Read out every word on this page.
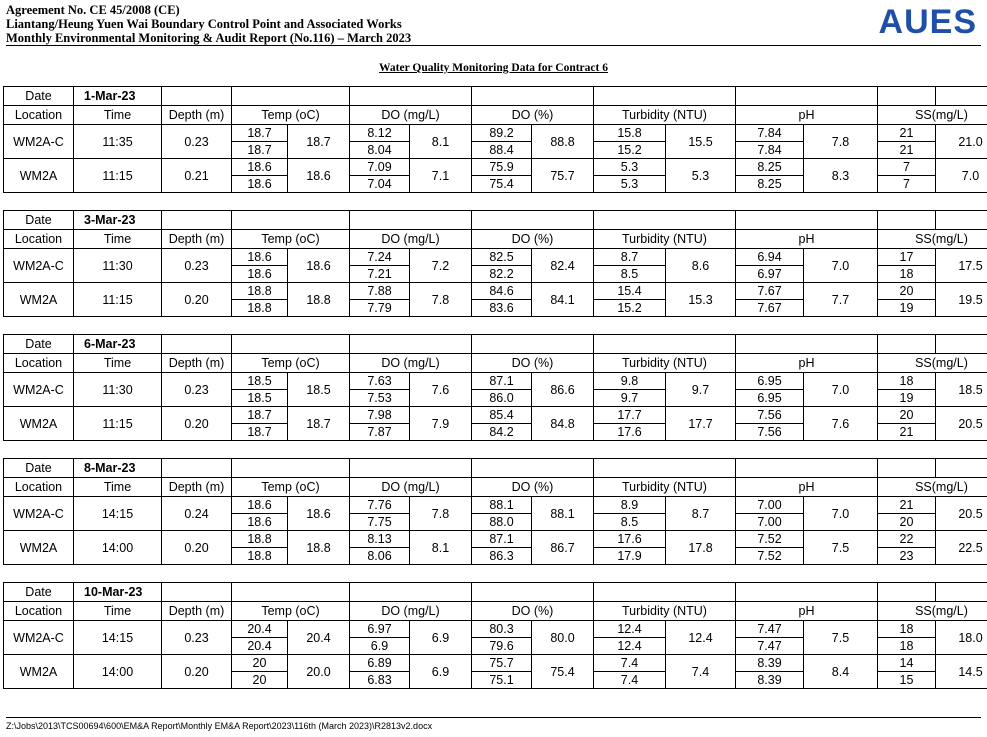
Agreement No. CE 45/2008 (CE)
Liantang/Heung Yuen Wai Boundary Control Point and Associated Works
Monthly Environmental Monitoring & Audit Report (No.116) – March 2023	AUES
Water Quality Monitoring Data for Contract 6
Date	1-Mar-23													
Location	Time	Depth (m)	Temp (oC)		DO (mg/L)		DO (%)		Turbidity (NTU)		pH		SS(mg/L)	
WM2A-C	11:35	0.23	18.7	18.7	8.12	8.1	89.2	88.8	15.8	15.5	7.84	7.8	21	21.0
			18.7		8.04		88.4		15.2		7.84		21	
WM2A	11:15	0.21	18.6	18.6	7.09	7.1	75.9	75.7	5.3	5.3	8.25	8.3	7	7.0
			18.6		7.04		75.4		5.3		8.25		7	
Date	3-Mar-23													
Location	Time	Depth (m)	Temp (oC)		DO (mg/L)		DO (%)		Turbidity (NTU)		pH		SS(mg/L)	
WM2A-C	11:30	0.23	18.6	18.6	7.24	7.2	82.5	82.4	8.7	8.6	6.94	7.0	17	17.5
			18.6		7.21		82.2		8.5		6.97		18	
WM2A	11:15	0.20	18.8	18.8	7.88	7.8	84.6	84.1	15.4	15.3	7.67	7.7	20	19.5
			18.8		7.79		83.6		15.2		7.67		19	
Date	6-Mar-23													
Location	Time	Depth (m)	Temp (oC)		DO (mg/L)		DO (%)		Turbidity (NTU)		pH		SS(mg/L)	
WM2A-C	11:30	0.23	18.5	18.5	7.63	7.6	87.1	86.6	9.8	9.7	6.95	7.0	18	18.5
			18.5		7.53		86.0		9.7		6.95		19	
WM2A	11:15	0.20	18.7	18.7	7.98	7.9	85.4	84.8	17.7	17.7	7.56	7.6	20	20.5
			18.7		7.87		84.2		17.6		7.56		21	
Date	8-Mar-23													
Location	Time	Depth (m)	Temp (oC)		DO (mg/L)		DO (%)		Turbidity (NTU)		pH		SS(mg/L)	
WM2A-C	14:15	0.24	18.6	18.6	7.76	7.8	88.1	88.1	8.9	8.7	7.00	7.0	21	20.5
			18.6		7.75		88.0		8.5		7.00		20	
WM2A	14:00	0.20	18.8	18.8	8.13	8.1	87.1	86.7	17.6	17.8	7.52	7.5	22	22.5
			18.8		8.06		86.3		17.9		7.52		23	
Date	10-Mar-23													
Location	Time	Depth (m)	Temp (oC)		DO (mg/L)		DO (%)		Turbidity (NTU)		pH		SS(mg/L)	
WM2A-C	14:15	0.23	20.4	20.4	6.97	6.9	80.3	80.0	12.4	12.4	7.47	7.5	18	18.0
			20.4		6.9		79.6		12.4		7.47		18	
WM2A	14:00	0.20	20	20.0	6.89	6.9	75.7	75.4	7.4	7.4	8.39	8.4	14	14.5
			20		6.83		75.1		7.4		8.39		15	
Z:\Jobs\2013\TCS00694\600\EM&A Report\Monthly EM&A Report\2023\116th (March 2023)\R2813v2.docx
